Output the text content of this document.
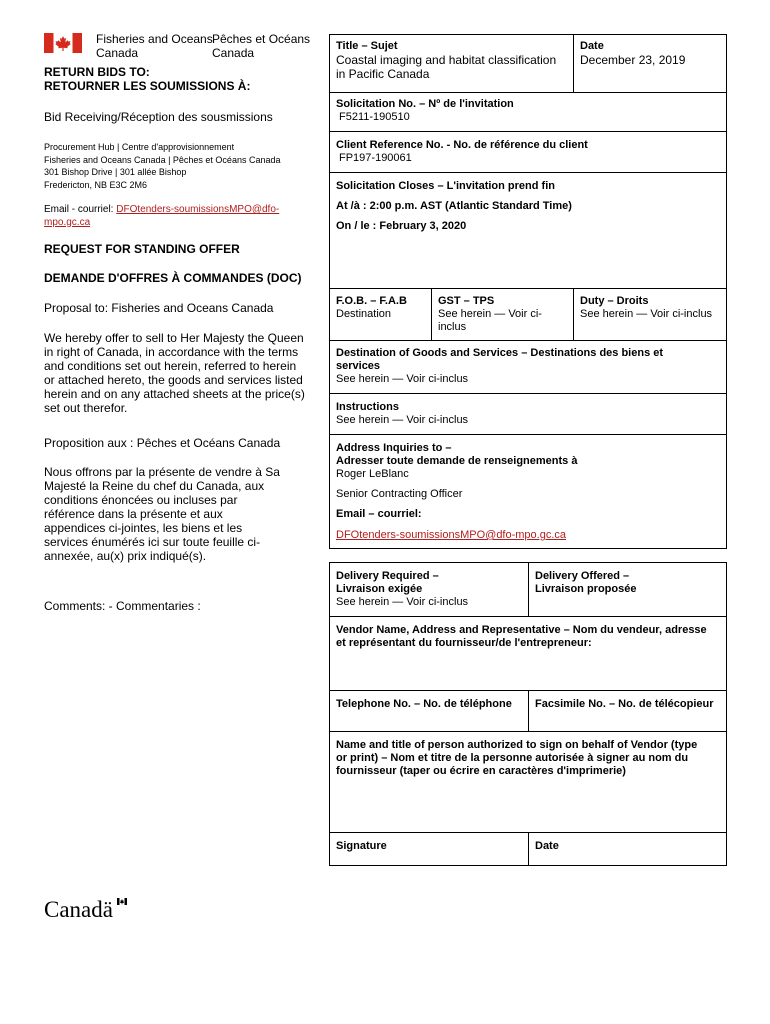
Fisheries and Oceans
Canada
Pêches et Océans
Canada
RETURN BIDS TO:
RETOURNER LES SOUMISSIONS À:
Bid Receiving/Réception des sousmissions
Procurement Hub | Centre d'approvisionnement
Fisheries and Oceans Canada | Pêches et Océans Canada
301 Bishop Drive | 301 allée Bishop
Fredericton, NB E3C 2M6
Email - courriel: DFOtenders-soumissionsMPO@dfo-
mpo.gc.ca
REQUEST FOR STANDING OFFER
DEMANDE D'OFFRES À COMMANDES (DOC)
Proposal to: Fisheries and Oceans Canada
We hereby offer to sell to Her Majesty the Queen
in right of Canada, in accordance with the terms
and conditions set out herein, referred to herein
or attached hereto, the goods and services listed
herein and on any attached sheets at the price(s)
set out therefor.
Proposition aux : Pêches et Océans Canada
Nous offrons par la présente de vendre à Sa
Majesté la Reine du chef du Canada, aux
conditions énoncées ou incluses par
référence dans la présente et aux
appendices ci-jointes, les biens et les
services énumérés ici sur toute feuille ci-
annexée, au(x) prix indiqué(s).
Comments: - Commentaries :
Title – Sujet
Coastal imaging and habitat classification
in Pacific Canada
Date
December 23, 2019
Solicitation No. – Nº de l'invitation
F5211-190510
Client Reference No. - No. de référence du client
FP197-190061
Solicitation Closes – L'invitation prend fin
At /à : 2:00 p.m. AST (Atlantic Standard Time)
On / le : February 3, 2020
F.O.B. – F.A.B
Destination
GST – TPS
See herein — Voir ci-
inclus
Duty – Droits
See herein — Voir ci-inclus
Destination of Goods and Services – Destinations des biens et
services
See herein — Voir ci-inclus
Instructions
See herein — Voir ci-inclus
Address Inquiries to –
Adresser toute demande de renseignements à
Roger LeBlanc
Senior Contracting Officer
Email – courriel:
DFOtenders-soumissionsMPO@dfo-mpo.gc.ca
Delivery Required –
Livraison exigée
See herein — Voir ci-inclus
Delivery Offered –
Livraison proposée
Vendor Name, Address and Representative – Nom du vendeur, adresse
et représentant du fournisseur/de l'entrepreneur:
Telephone No. – No. de téléphone	Facsimile No. – No. de télécopieur
Name and title of person authorized to sign on behalf of Vendor (type
or print) – Nom et titre de la personne autorisée à signer au nom du
fournisseur (taper ou écrire en caractères d'imprimerie)
Signature	Date
Canadä
